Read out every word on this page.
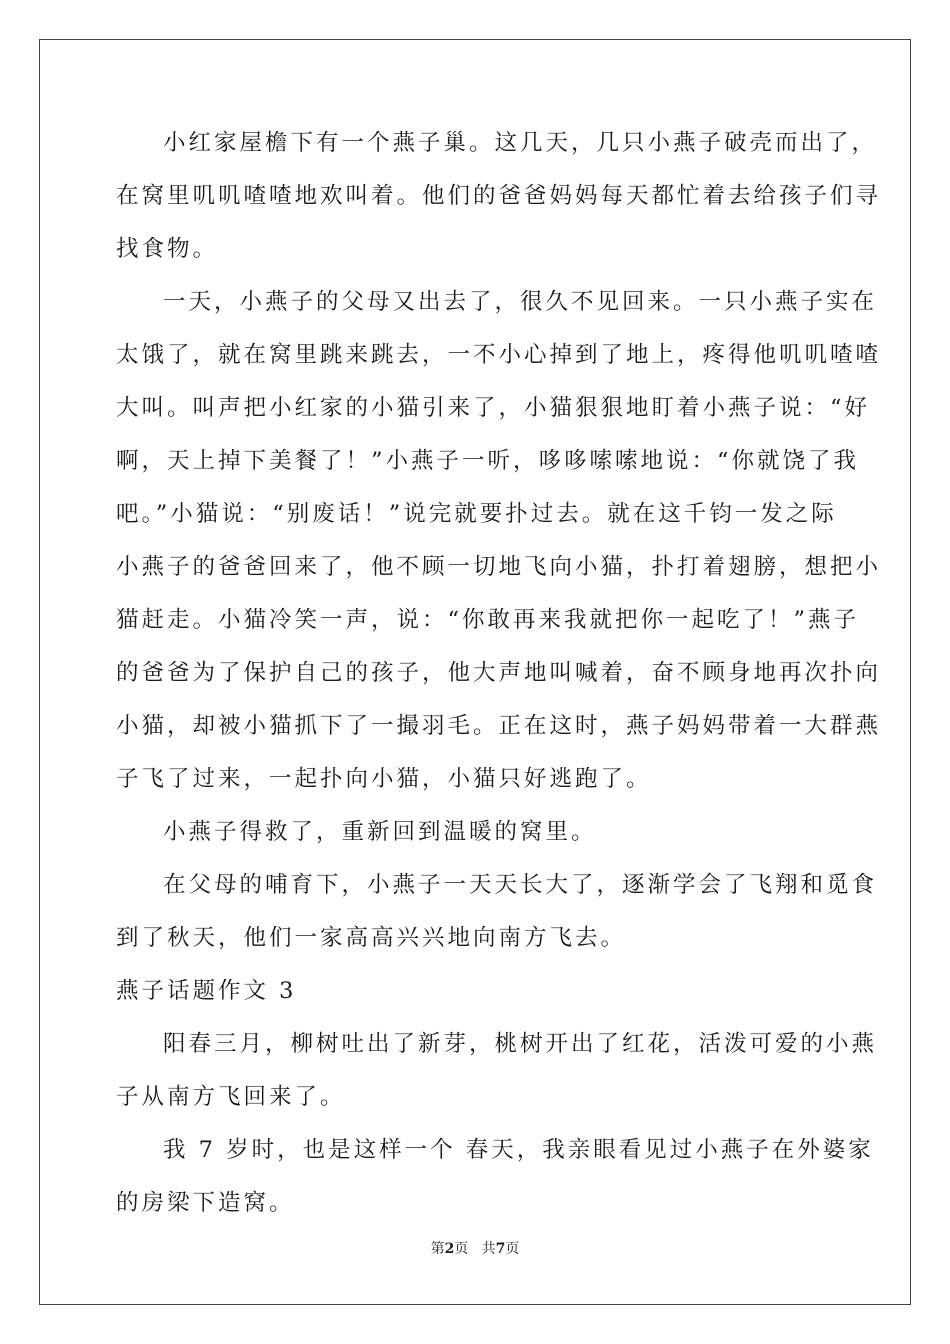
小红家屋檐下有一个燕子巢。这几天，几只小燕子破壳而出了，
在窝里叽叽喳喳地欢叫着。他们的爸爸妈妈每天都忙着去给孩子们寻
找食物。
一天，小燕子的父母又出去了，很久不见回来。一只小燕子实在
太饿了，就在窝里跳来跳去，一不小心掉到了地上，疼得他叽叽喳喳
大叫。叫声把小红家的小猫引来了，小猫狠狠地盯着小燕子说：“好
啊，天上掉下美餐了！”小燕子一听，哆哆嗦嗦地说：“你就饶了我
吧。”小猫说：“别废话！”说完就要扑过去。就在这千钧一发之际
小燕子的爸爸回来了，他不顾一切地飞向小猫，扑打着翅膀，想把小
猫赶走。小猫冷笑一声，说：“你敢再来我就把你一起吃了！”燕子
的爸爸为了保护自己的孩子，他大声地叫喊着，奋不顾身地再次扑向
小猫，却被小猫抓下了一撮羽毛。正在这时，燕子妈妈带着一大群燕
子飞了过来，一起扑向小猫，小猫只好逃跑了。
小燕子得救了，重新回到温暖的窝里。
在父母的哺育下，小燕子一天天长大了，逐渐学会了飞翔和觅食
到了秋天，他们一家高高兴兴地向南方飞去。
燕子话题作文 3
阳春三月，柳树吐出了新芽，桃树开出了红花，活泼可爱的小燕
子从南方飞回来了。
我 7 岁时，也是这样一个 春天，我亲眼看见过小燕子在外婆家
的房梁下造窝。
第2页 共7页
